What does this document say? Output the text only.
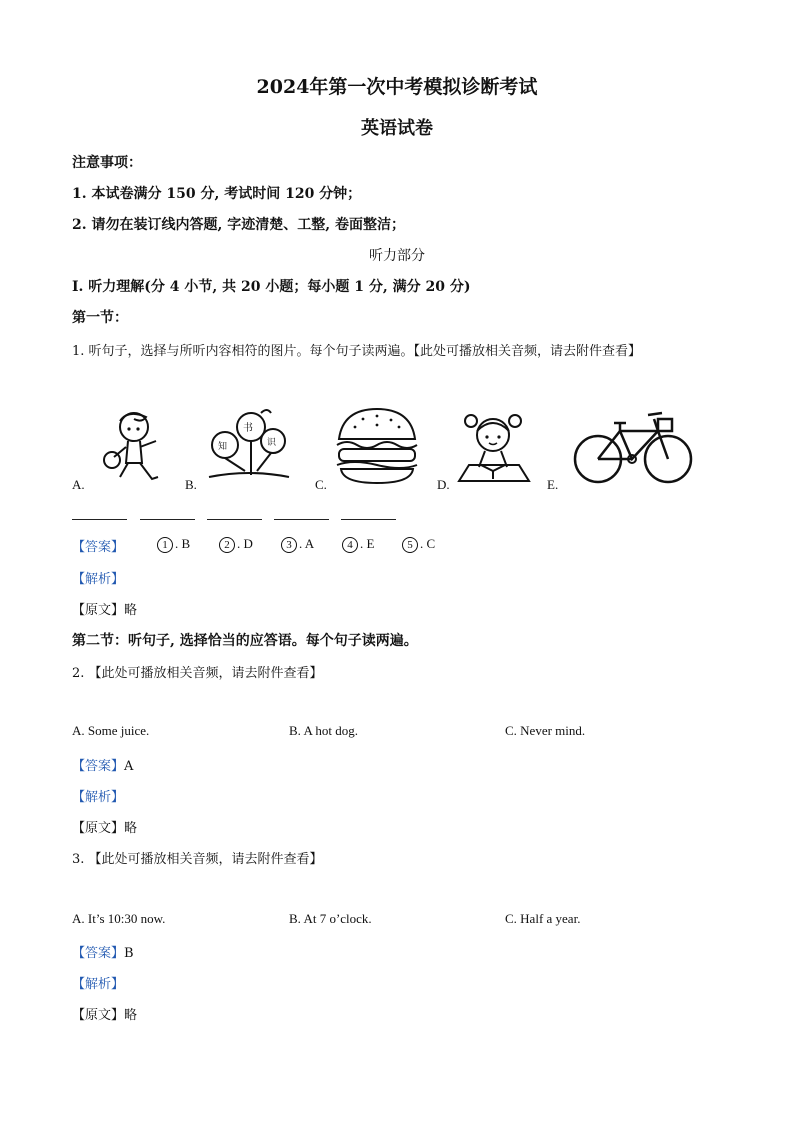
2024年第一次中考模拟诊断考试
英语试卷
注意事项：
1. 本试卷满分 150 分, 考试时间 120 分钟；
2. 请勿在装订线内答题, 字迹清楚、工整, 卷面整洁；
听力部分
I. 听力理解(分 4 小节, 共 20 小题；每小题 1 分, 满分 20 分)
第一节：
1. 听句子，选择与所听内容相符的图片。每个句子读两遍。【此处可播放相关音频，请去附件查看】
A.
书
知	识
B.	C.	D.	E.
【答案】	1 . B	2 . D	3 . A	4 . E	5 . C
【解析】
【原文】略
第二节：听句子, 选择恰当的应答语。每个句子读两遍。
2. 【此处可播放相关音频，请去附件查看】
A. Some juice.	B. A hot dog.	C. Never mind.
【答案】A
【解析】
【原文】略
3. 【此处可播放相关音频，请去附件查看】
A. It’s 10:30 now.	B. At 7 o’clock.	C. Half a year.
【答案】B
【解析】
【原文】略
